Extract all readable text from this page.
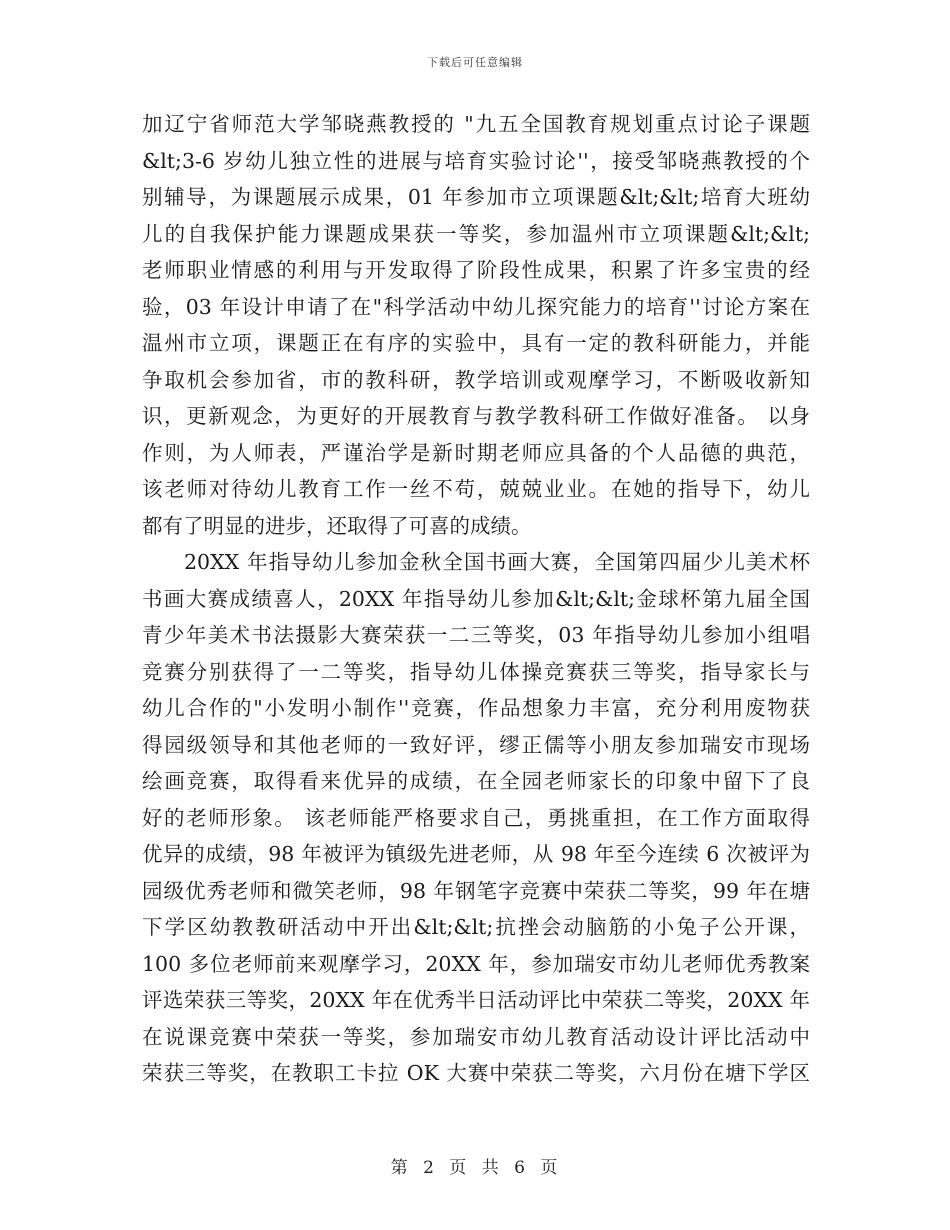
下载后可任意编辑
加辽宁省师范大学邹晓燕教授的 "九五全国教育规划重点讨论子课题
&lt;3-6 岁幼儿独立性的进展与培育实验讨论''，接受邹晓燕教授的个
别辅导，为课题展示成果，01 年参加市立项课题&lt;&lt;培育大班幼
儿的自我保护能力课题成果获一等奖，参加温州市立项课题&lt;&lt;
老师职业情感的利用与开发取得了阶段性成果，积累了许多宝贵的经
验，03 年设计申请了在"科学活动中幼儿探究能力的培育''讨论方案在
温州市立项，课题正在有序的实验中，具有一定的教科研能力，并能
争取机会参加省，市的教科研，教学培训或观摩学习，不断吸收新知
识，更新观念，为更好的开展教育与教学教科研工作做好准备。 以身
作则，为人师表，严谨治学是新时期老师应具备的个人品德的典范，
该老师对待幼儿教育工作一丝不苟，兢兢业业。在她的指导下，幼儿
都有了明显的进步，还取得了可喜的成绩。
20XX 年指导幼儿参加金秋全国书画大赛，全国第四届少儿美术杯
书画大赛成绩喜人，20XX 年指导幼儿参加&lt;&lt;金球杯第九届全国
青少年美术书法摄影大赛荣获一二三等奖，03 年指导幼儿参加小组唱
竞赛分别获得了一二等奖，指导幼儿体操竞赛获三等奖，指导家长与
幼儿合作的"小发明小制作''竞赛，作品想象力丰富，充分利用废物获
得园级领导和其他老师的一致好评，缪正儒等小朋友参加瑞安市现场
绘画竞赛，取得看来优异的成绩，在全园老师家长的印象中留下了良
好的老师形象。 该老师能严格要求自己，勇挑重担，在工作方面取得
优异的成绩，98 年被评为镇级先进老师，从 98 年至今连续 6 次被评为
园级优秀老师和微笑老师，98 年钢笔字竞赛中荣获二等奖，99 年在塘
下学区幼教教研活动中开出&lt;&lt;抗挫会动脑筋的小兔子公开课，
100 多位老师前来观摩学习，20XX 年，参加瑞安市幼儿老师优秀教案
评选荣获三等奖，20XX 年在优秀半日活动评比中荣获二等奖，20XX 年
在说课竞赛中荣获一等奖，参加瑞安市幼儿教育活动设计评比活动中
荣获三等奖，在教职工卡拉 OK 大赛中荣获二等奖，六月份在塘下学区
第 2 页 共 6 页
